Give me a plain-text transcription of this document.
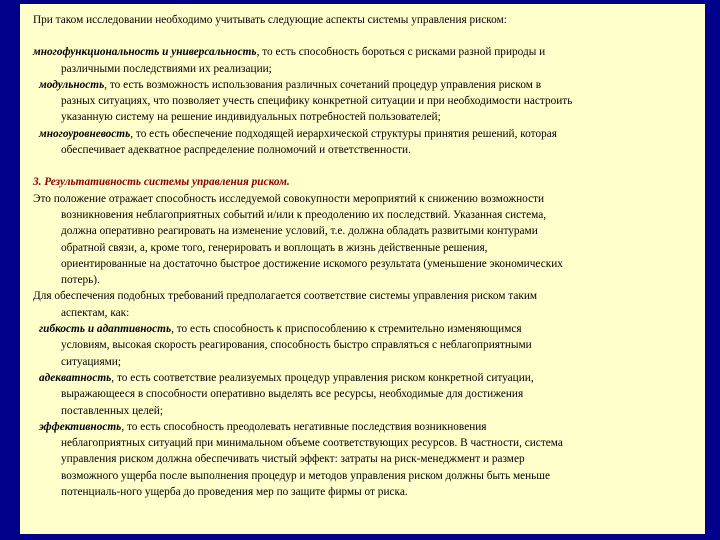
При таком исследовании необходимо учитывать следующие аспекты системы управления риском:
многофункциональность и универсальность, то есть способность бороться с рисками разной природы и
различными последствиями их реализации;
модульность, то есть возможность использования различных сочетаний процедур управления риском в
разных ситуациях, что позволяет учесть специфику конкретной ситуации и при необходимости настроить
указанную систему на решение индивидуальных потребностей пользователей;
многоуровневость, то есть обеспечение подходящей иерархической структуры принятия решений, которая
обеспечивает адекватное распределение полномочий и ответственности.
3. Результативность системы управления риском.
Это положение отражает способность исследуемой совокупности мероприятий к снижению возможности
возникновения неблагоприятных событий и/или к преодолению их последствий. Указанная система,
должна оперативно реагировать на изменение условий, т.е. должна обладать развитыми контурами
обратной связи, а, кроме того, генерировать и воплощать в жизнь действенные решения,
ориентированные на достаточно быстрое достижение искомого результата (уменьшение экономических
потерь).
Для обеспечения подобных требований предполагается соответствие системы управления риском таким
аспектам, как:
гибкость и адаптивность, то есть способность к приспособлению к стремительно изменяющимся
условиям, высокая скорость реагирования, способность быстро справляться с неблагоприятными
ситуациями;
адекватность, то есть соответствие реализуемых процедур управления риском конкретной ситуации,
выражающееся в способности оперативно выделять все ресурсы, необходимые для достижения
поставленных целей;
эффективность, то есть способность преодолевать негативные последствия возникновения
неблагоприятных ситуаций при минимальном объеме соответствующих ресурсов. В частности, система
управления риском должна обеспечивать чистый эффект: затраты на риск-менеджмент и размер
возможного ущерба после выполнения процедур и методов управления риском должны быть меньше
потенциаль-ного ущерба до проведения мер по защите фирмы от риска.
